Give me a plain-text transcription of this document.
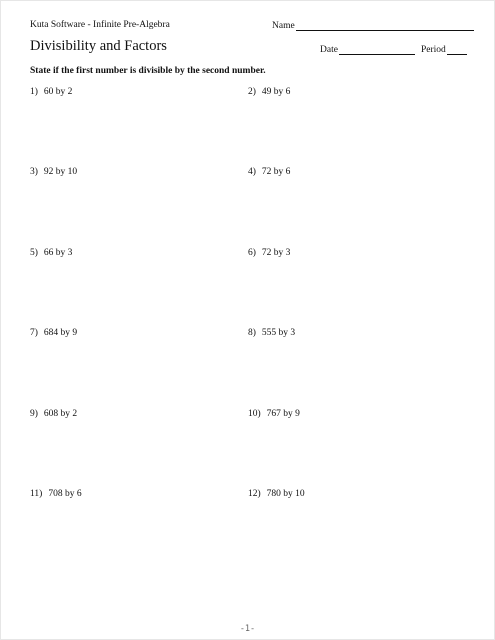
Kuta Software - Infinite Pre-Algebra	Name
Divisibility and Factors	Date	Period
State if the first number is divisible by the second number.
1) 60 by 2	2) 49 by 6
3) 92 by 10	4) 72 by 6
5) 66 by 3	6) 72 by 3
7) 684 by 9	8) 555 by 3
9) 608 by 2	10) 767 by 9
11) 708 by 6	12) 780 by 10
-1-
